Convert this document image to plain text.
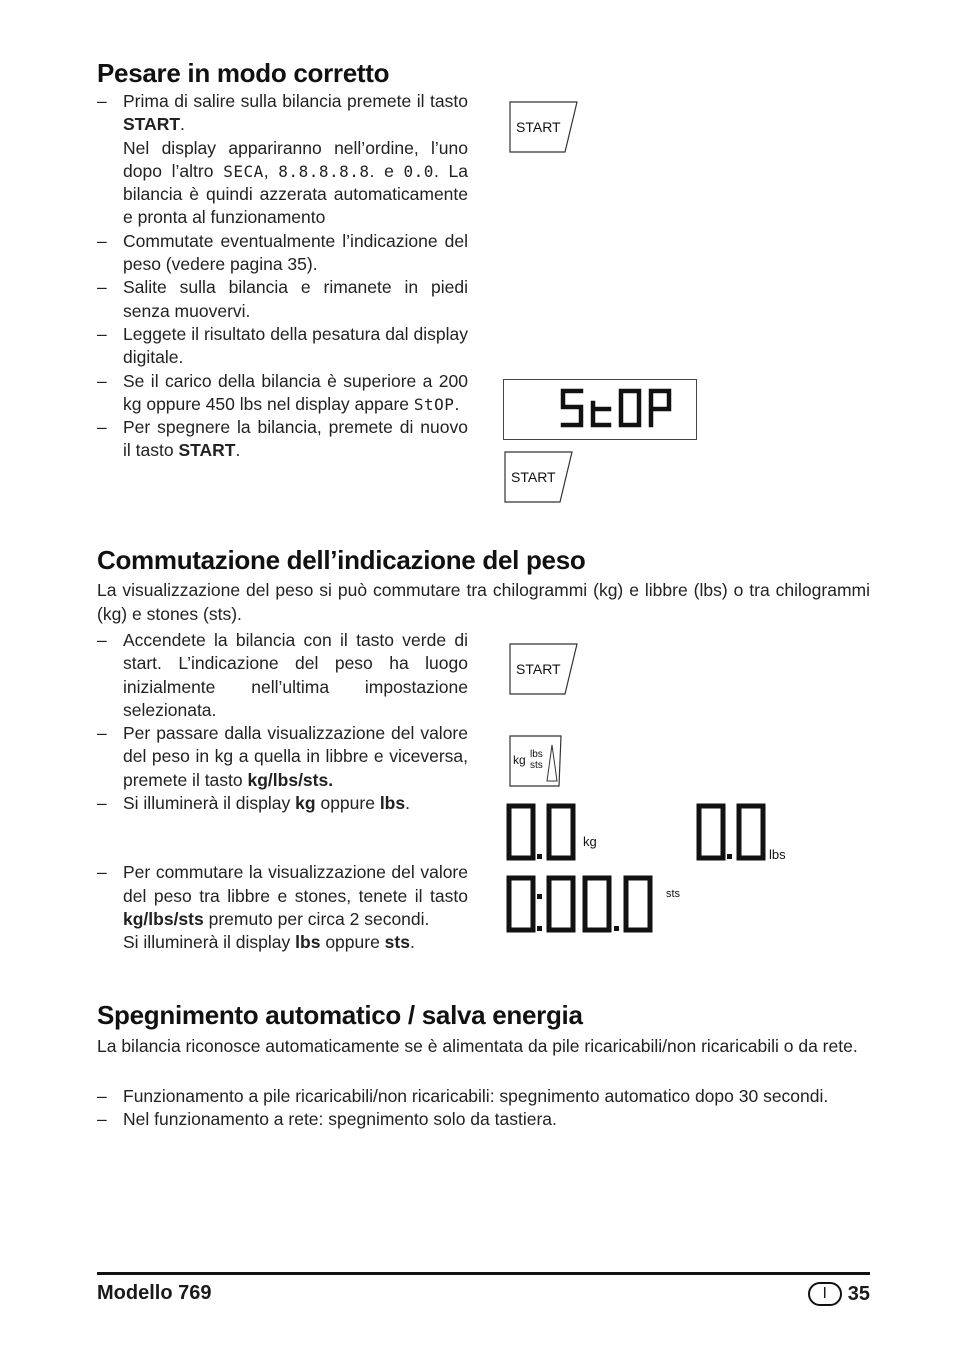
Pesare in modo corretto
– Prima di salire sulla bilancia premete il tasto START.
Nel display appariranno nell’ordine, l’uno dopo l’altro SECA, 8.8.8.8.8. e 0.0. La bilancia è quindi azzerata automaticamente e pronta al funzionamento
– Commutate eventualmente l’indicazione del peso (vedere pagina 35).
– Salite sulla bilancia e rimanete in piedi senza muovervi.
– Leggete il risultato della pesatura dal display digitale.
– Se il carico della bilancia è superiore a 200 kg oppure 450 lbs nel display appare StOP.
– Per spegnere la bilancia, premete di nuovo il tasto START.
START
START
Commutazione dell’indicazione del peso

La visualizzazione del peso si può commutare tra chilogrammi (kg) e libbre (lbs) o tra chilogrammi (kg) e stones (sts).

– Accendete la bilancia con il tasto verde di start. L’indicazione del peso ha luogo inizialmente nell’ultima impostazione selezionata.
– Per passare dalla visualizzazione del valore del peso in kg a quella in libbre e viceversa, premete il tasto kg/lbs/sts.
– Si illuminerà il display kg oppure lbs.
– Per commutare la visualizzazione del valore del peso tra libbre e stones, tenete il tasto kg/lbs/sts premuto per circa 2 secondi.
Si illuminerà il display lbs oppure sts.
START
kg lbs
sts
kg
lbs
sts
Spegnimento automatico / salva energia

La bilancia riconosce automaticamente se è alimentata da pile ricaricabili/non ricaricabili o da rete.

– Funzionamento a pile ricaricabili/non ricaricabili: spegnimento automatico dopo 30 secondi.
– Nel funzionamento a rete: spegnimento solo da tastiera.
Modello 769	I	35
